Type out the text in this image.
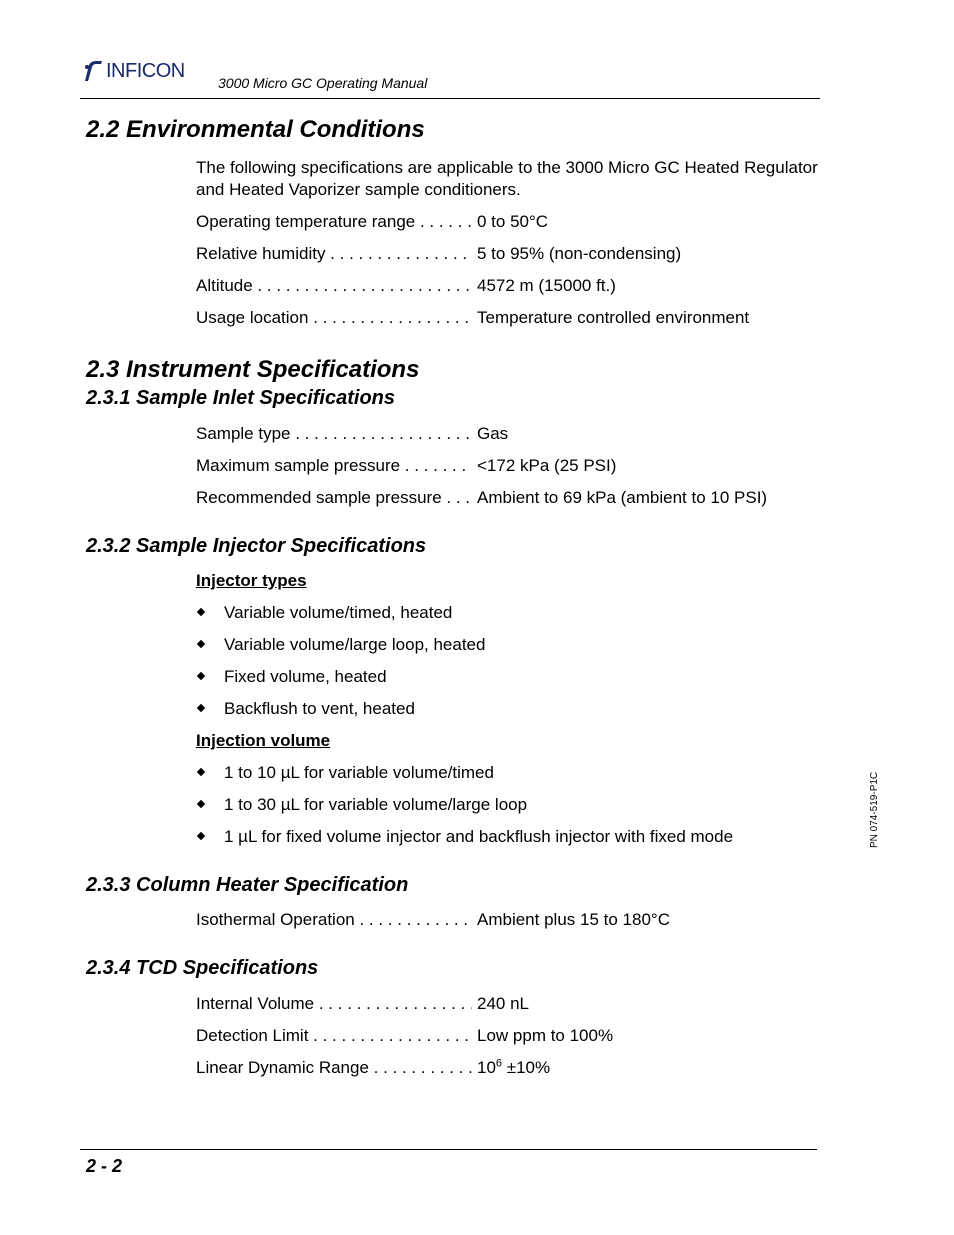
INFICON
3000 Micro GC Operating Manual
2.2 Environmental Conditions
The following specifications are applicable to the 3000 Micro GC Heated Regulator
and Heated Vaporizer sample conditioners.
Operating temperature range . . .	0 to 50°C
Relative humidity . . .	5 to 95% (non-condensing)
Altitude . . .	4572 m (15000 ft.)
Usage location . . .	Temperature controlled environment
2.3 Instrument Specifications
2.3.1 Sample Inlet Specifications
Sample type . . .	Gas
Maximum sample pressure . . .	<172 kPa (25 PSI)
Recommended sample pressure . . .	Ambient to 69 kPa (ambient to 10 PSI)
2.3.2 Sample Injector Specifications
Injector types
Variable volume/timed, heated
Variable volume/large loop, heated
Fixed volume, heated
Backflush to vent, heated
Injection volume
1 to 10 µL for variable volume/timed
1 to 30 µL for variable volume/large loop
1 µL for fixed volume injector and backflush injector with fixed mode
2.3.3 Column Heater Specification
Isothermal Operation . . .	Ambient plus 15 to 180°C
2.3.4 TCD Specifications
Internal Volume . . .	240 nL
Detection Limit . . .	Low ppm to 100%
Linear Dynamic Range . . .	$10^6 \pm 10\%$
PN 074-519-P1C
2 - 2
